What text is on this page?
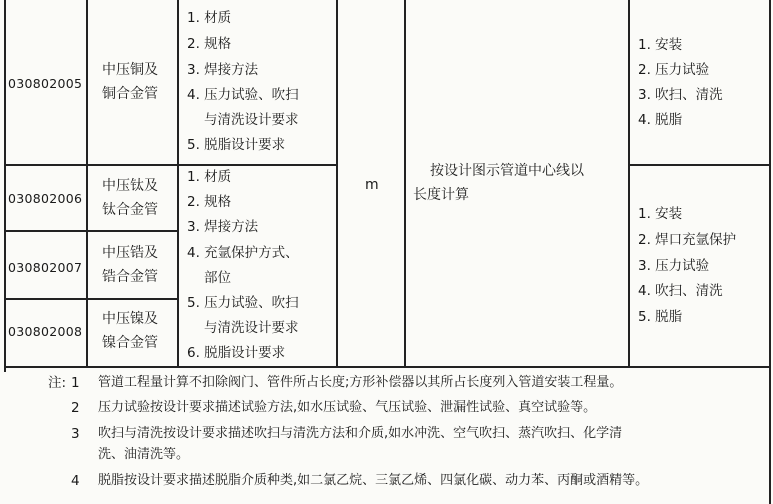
030802005
中压铜及
铜合金管
1. 材质
2. 规格
3. 焊接方法
4. 压力试验、吹扫
与清洗设计要求
5. 脱脂设计要求
030802006
中压钛及
钛合金管
030802007
中压锆及
锆合金管
030802008
中压镍及
镍合金管
1. 材质
2. 规格
3. 焊接方法
4. 充氩保护方式、
部位
5. 压力试验、吹扫
与清洗设计要求
6. 脱脂设计要求
m
按设计图示管道中心线以
长度计算
1. 安装
2. 压力试验
3. 吹扫、清洗
4. 脱脂
1. 安装
2. 焊口充氩保护
3. 压力试验
4. 吹扫、清洗
5. 脱脂
注: 1 管道工程量计算不扣除阀门、管件所占长度;方形补偿器以其所占长度列入管道安装工程量。
2 压力试验按设计要求描述试验方法,如水压试验、气压试验、泄漏性试验、真空试验等。
3 吹扫与清洗按设计要求描述吹扫与清洗方法和介质,如水冲洗、空气吹扫、蒸汽吹扫、化学清
洗、油清洗等。
4 脱脂按设计要求描述脱脂介质种类,如二氯乙烷、三氯乙烯、四氯化碳、动力苯、丙酮或酒精等。
